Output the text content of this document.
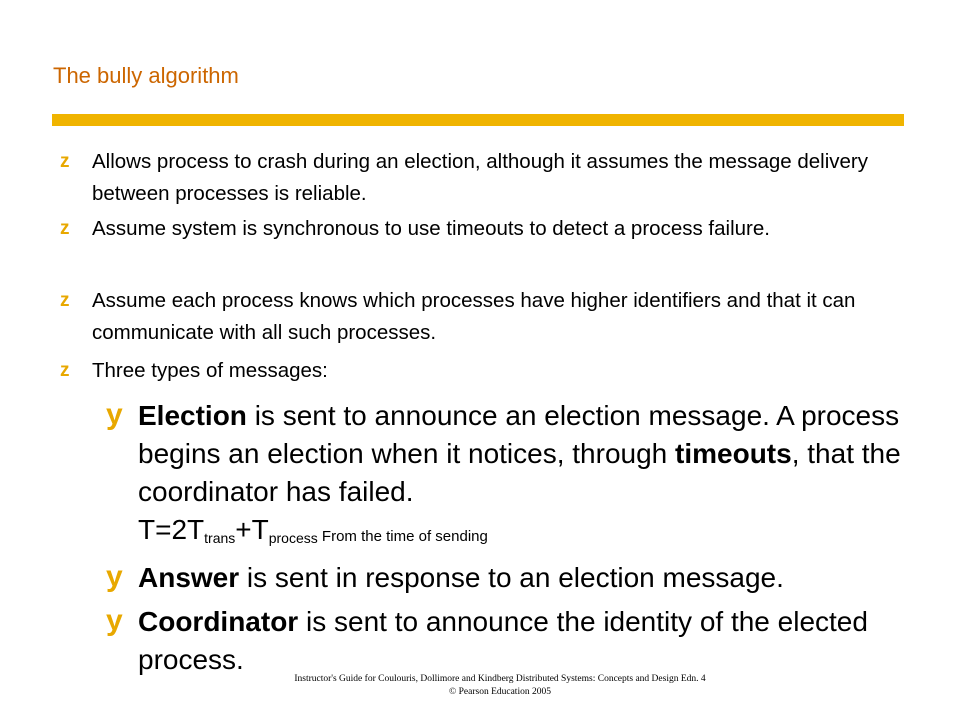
The bully algorithm
z Allows process to crash during an election, although it assumes the message delivery between processes is reliable.
z Assume system is synchronous to use timeouts to detect a process failure.
z Assume each process knows which processes have higher identifiers and that it can communicate with all such processes.
z Three types of messages:
y Election is sent to announce an election message. A process begins an election when it notices, through timeouts, that the coordinator has failed.
$T=2T_{trans}+T_{process}$ From the time of sending
y Answer is sent in response to an election message.
y Coordinator is sent to announce the identity of the elected process.
Instructor's Guide for Coulouris, Dollimore and Kindberg Distributed Systems: Concepts and Design Edn. 4
© Pearson Education 2005
